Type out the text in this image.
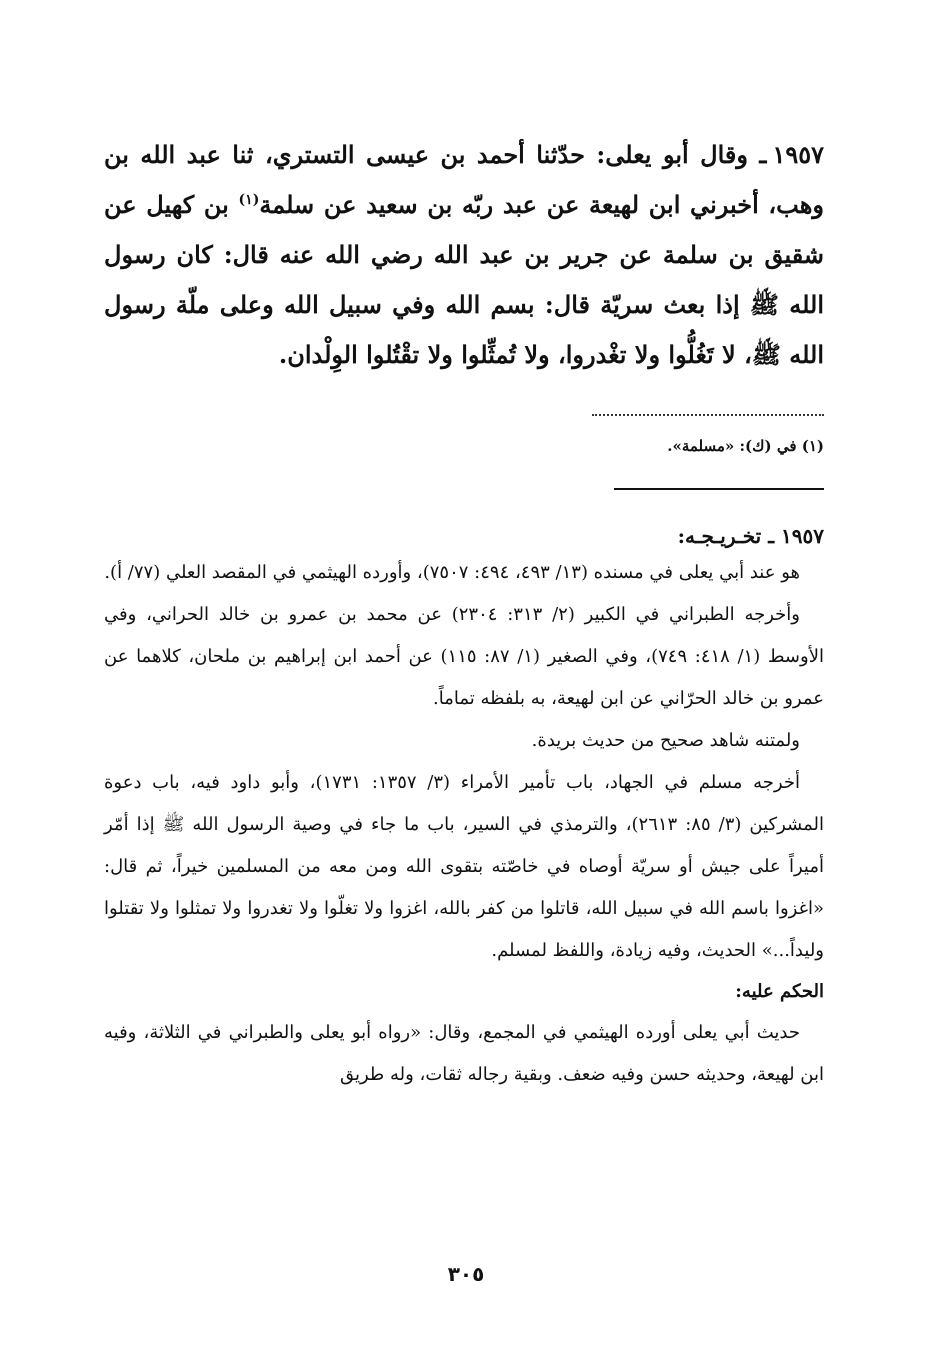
١٩٥٧ـ وقال أبو يعلى: حدّثنا أحمد بن عيسى التستري، ثنا عبد الله بن وهب، أخبرني ابن لهيعة عن عبد ربّه بن سعيد عن سلمة$^{(١)}$ بن كهيل عن شقيق بن سلمة عن جرير بن عبد الله رضي الله عنه قال: كان رسول الله ﷺ إذا بعث سريّة قال: بسم الله وفي سبيل الله وعلى ملّة رسول الله ﷺ، لا تَغُلُّوا ولا تغْدروا، ولا تُمثِّلوا ولا تقْتُلوا الوِلْدان.

(١) في (ك): «مسلمة».
١٩٥٧ ـ تخـريـجـه:

هو عند أبي يعلى في مسنده (١٣/ ٤٩٣، ٤٩٤: ٧٥٠٧)، وأورده الهيثمي في المقصد العلي (٧٧/ أ).

وأخرجه الطبراني في الكبير (٢/ ٣١٣: ٢٣٠٤) عن محمد بن عمرو بن خالد الحراني، وفي الأوسط (١/ ٤١٨: ٧٤٩)، وفي الصغير (١/ ٨٧: ١١٥) عن أحمد ابن إبراهيم بن ملحان، كلاهما عن عمرو بن خالد الحرّاني عن ابن لهيعة، به بلفظه تماماً.

ولمتنه شاهد صحيح من حديث بريدة.

أخرجه مسلم في الجهاد، باب تأمير الأمراء (٣/ ١٣٥٧: ١٧٣١)، وأبو داود فيه، باب دعوة المشركين (٣/ ٨٥: ٢٦١٣)، والترمذي في السير، باب ما جاء في وصية الرسول الله ﷺ إذا أمّر أميراً على جيش أو سريّة أوصاه في خاصّته بتقوى الله ومن معه من المسلمين خيراً، ثم قال: «اغزوا باسم الله في سبيل الله، قاتلوا من كفر بالله، اغزوا ولا تغلّوا ولا تغدروا ولا تمثلوا ولا تقتلوا وليداً...» الحديث، وفيه زيادة، واللفظ لمسلم.

الحكم عليه:

حديث أبي يعلى أورده الهيثمي في المجمع، وقال: «رواه أبو يعلى والطبراني في الثلاثة، وفيه ابن لهيعة، وحديثه حسن وفيه ضعف. وبقية رجاله ثقات، وله طريق

٣٠٥
